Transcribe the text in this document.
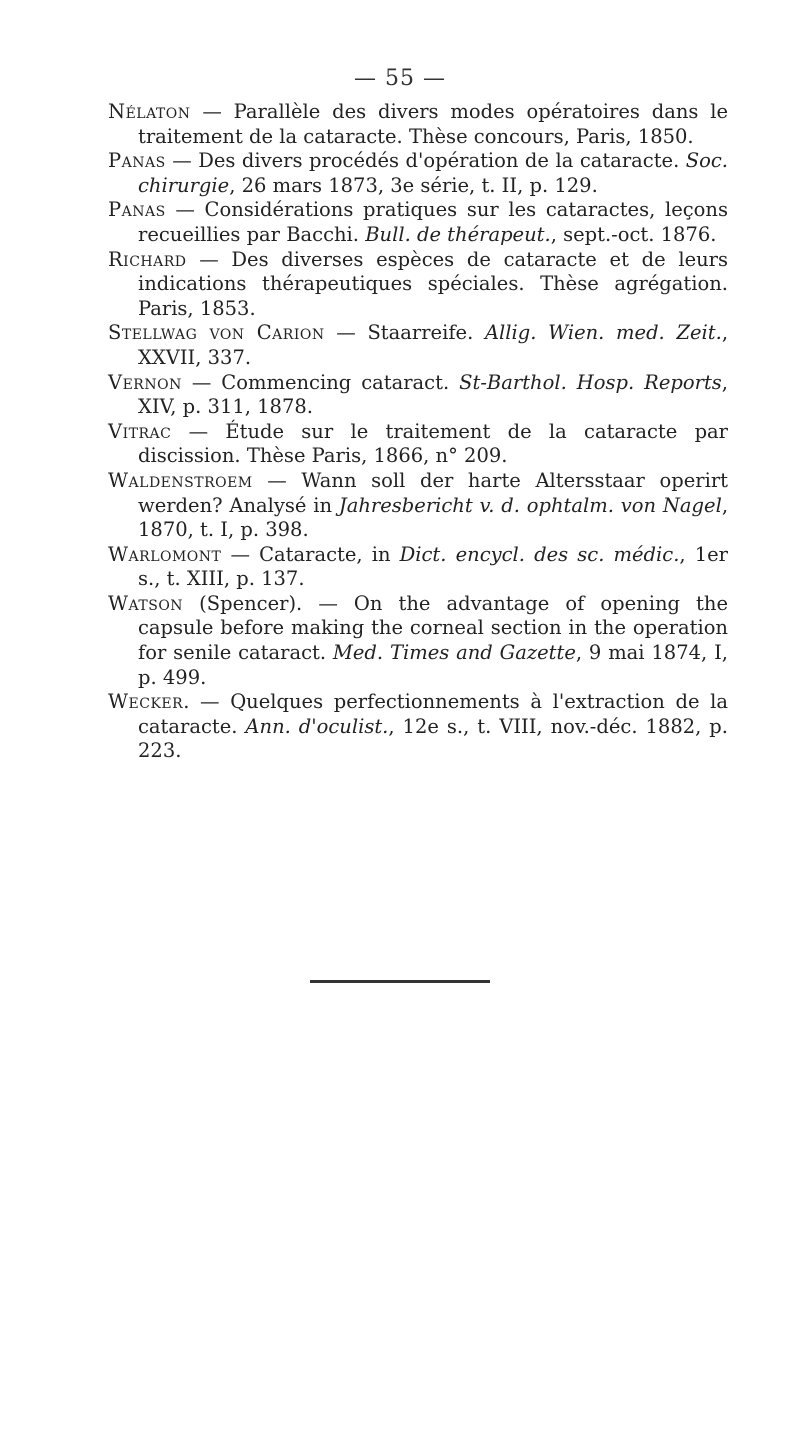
— 55 —

Nélaton — Parallèle des divers modes opératoires dans le traitement de la cataracte. Thèse concours, Paris, 1850.

Panas — Des divers procédés d'opération de la cataracte. Soc. chirurgie, 26 mars 1873, 3e série, t. II, p. 129.

Panas — Considérations pratiques sur les cataractes, leçons recueillies par Bacchi. Bull. de thérapeut., sept.-oct. 1876.

Richard — Des diverses espèces de cataracte et de leurs indications thérapeutiques spéciales. Thèse agrégation. Paris, 1853.

Stellwag von Carion — Staarreife. Allig. Wien. med. Zeit., XXVII, 337.

Vernon — Commencing cataract. St-Barthol. Hosp. Reports, XIV, p. 311, 1878.

Vitrac — Étude sur le traitement de la cataracte par discission. Thèse Paris, 1866, n° 209.

Waldenstroem — Wann soll der harte Altersstaar operirt werden? Analysé in Jahresbericht v. d. ophtalm. von Nagel, 1870, t. I, p. 398.

Warlomont — Cataracte, in Dict. encycl. des sc. médic., 1er s., t. XIII, p. 137.

Watson (Spencer). — On the advantage of opening the capsule before making the corneal section in the operation for senile cataract. Med. Times and Gazette, 9 mai 1874, I, p. 499.

Wecker. — Quelques perfectionnements à l'extraction de la cataracte. Ann. d'oculist., 12e s., t. VIII, nov.-déc. 1882, p. 223.
